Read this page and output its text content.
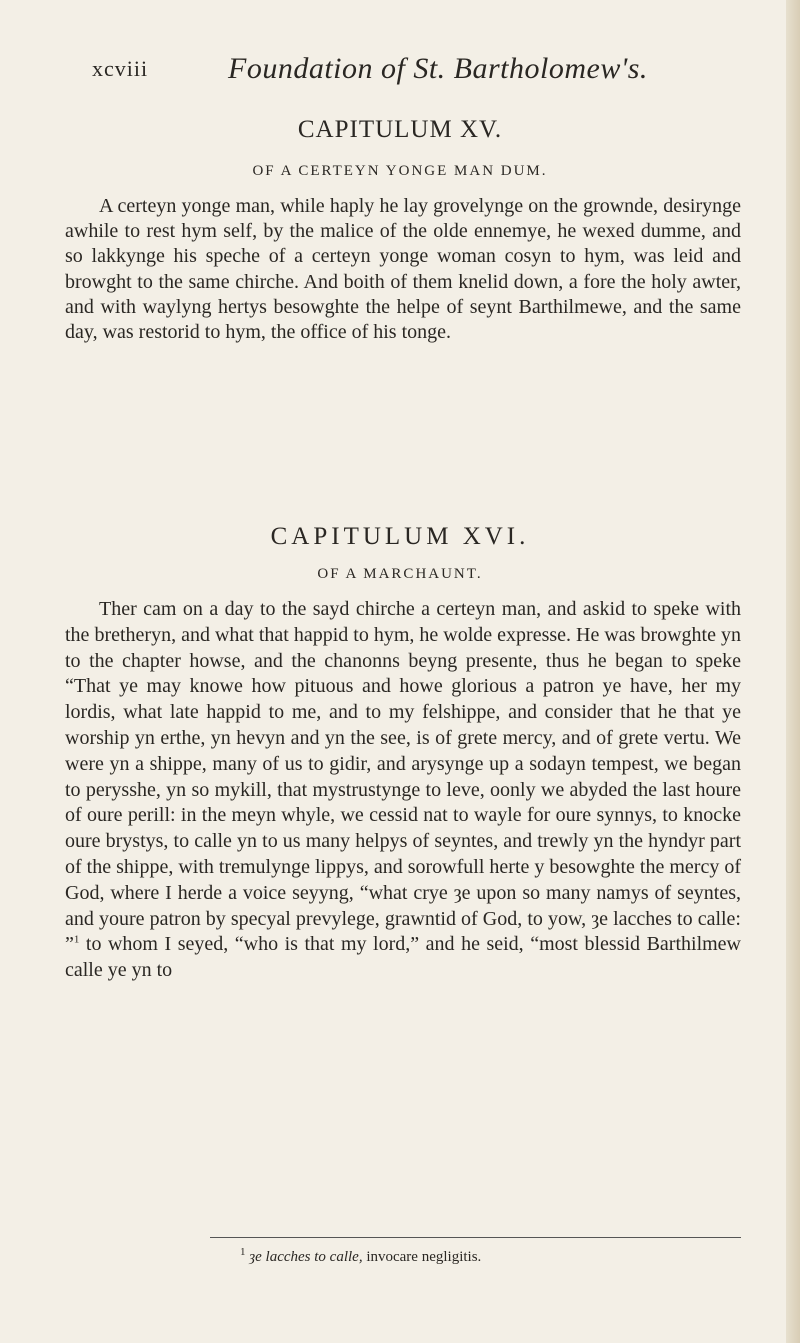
xcviii	Foundation of St. Bartholomew's.
CAPITULUM XV.
OF A CERTEYN YONGE MAN DUM.

A certeyn yonge man, while haply he lay grovelynge on the grownde, desirynge awhile to rest hym self, by the malice of the olde ennemye, he wexed dumme, and so lakkynge his speche of a certeyn yonge woman cosyn to hym, was leid and browght to the same chirche. And boith of them knelid down, a fore the holy awter, and with waylyng hertys besowghte the helpe of seynt Barthilmewe, and the same day, was restorid to hym, the office of his tonge.

CAPITULUM XVI.
OF A MARCHAUNT.

Ther cam on a day to the sayd chirche a certeyn man, and askid to speke with the bretheryn, and what that happid to hym, he wolde expresse. He was browghte yn to the chapter howse, and the chanonns beyng presente, thus he began to speke “That ye may knowe how pituous and howe glorious a patron ye have, her my lordis, what late happid to me, and to my felshippe, and consider that he that ye worship yn erthe, yn hevyn and yn the see, is of grete mercy, and of grete vertu. We were yn a shippe, many of us to gidir, and arysynge up a sodayn tempest, we began to perysshe, yn so mykill, that mystrustynge to leve, oonly we abyded the last houre of oure perill: in the meyn whyle, we cessid nat to wayle for oure synnys, to knocke oure brystys, to calle yn to us many helpys of seyntes, and trewly yn the hyndyr part of the shippe, with tremulynge lippys, and sorowfull herte y besowghte the mercy of God, where I herde a voice seyyng, “what crye ȝe upon so many namys of seyntes, and youre patron by specyal prevylege, grawntid of God, to yow, ȝe lacches to calle: ”$^1$ to whom I seyed, “who is that my lord,” and he seid, “most blessid Barthilmew calle ye yn to

$^1$ ȝe lacches to calle, invocare negligitis.
